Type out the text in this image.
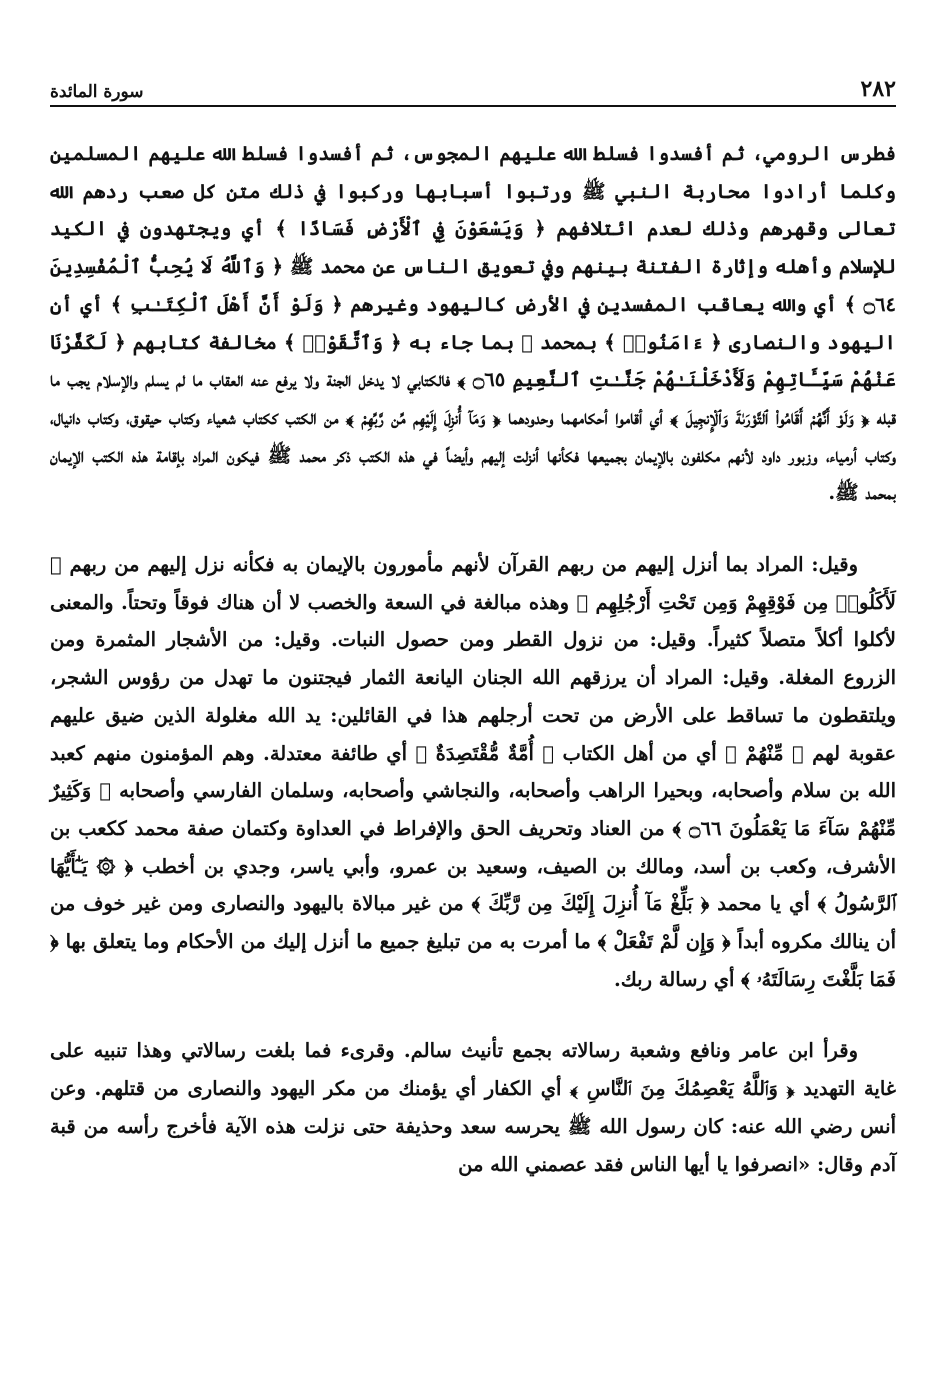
٢٨٢
سورة المائدة

فطرس الرومي، ثم أفسدوا فسلط الله عليهم المجوس، ثم أفسدوا فسلط الله عليهم المسلمين وكلما أرادوا محاربة النبي ﷺ ورتبوا أسبابها وركبوا في ذلك متن كل صعب ردهم الله تعالى وقهرهم وذلك لعدم ائتلافهم ﴿ وَيَسْعَوْنَ فِي ٱلْأَرْضِ فَسَادًا ﴾ أي ويجتهدون في الكيد للإسلام وأهله وإثارة الفتنة بينهم وفي تعويق الناس عن محمد ﷺ ﴿ وَٱللَّهُ لَا يُحِبُّ ٱلْمُفْسِدِينَ ۝٦٤ ﴾ أي والله يعاقب المفسدين في الأرض كاليهود وغيرهم ﴿ وَلَوْ أَنَّ أَهْلَ ٱلْكِتَـٰبِ ﴾ أي أن اليهود والنصارى ﴿ ءَامَنُوا۟ ﴾ بمحمد ﷺ بما جاء به ﴿ وَٱتَّقَوْا۟ ﴾ مخالفة كتابهم ﴿ لَكَفَّرْنَا عَنْهُمْ سَيِّـَٔاتِهِمْ وَلَأَدْخَلْنَـٰهُمْ جَنَّـٰتِ ٱلنَّعِيمِ ۝٦٥ ﴾ فالكتابي لا يدخل الجنة ولا يرفع عنه العقاب ما لم يسلم والإسلام يجب ما قبله ﴿ وَلَوْ أَنَّهُمْ أَقَامُوا۟ ٱلتَّوْرَىٰةَ وَٱلْإِنجِيلَ ﴾ أي أقاموا أحكامهما وحدودهما ﴿ وَمَآ أُنزِلَ إِلَيْهِم مِّن رَّبِّهِمْ ﴾ من الكتب ككتاب شعياء وكتاب حيقوق، وكتاب دانيال، وكتاب أرمياء، وزبور داود لأنهم مكلفون بالإيمان بجميعها فكأنها أنزلت إليهم وأيضاً في هذه الكتب ذكر محمد ﷺ فيكون المراد بإقامة هذه الكتب الإيمان بمحمد ﷺ.

وقيل: المراد بما أنزل إليهم من ربهم القرآن لأنهم مأمورون بالإيمان به فكأنه نزل إليهم من ربهم ﴿ لَأَكَلُوا۟ مِن فَوْقِهِمْ وَمِن تَحْتِ أَرْجُلِهِم ﴾ وهذه مبالغة في السعة والخصب لا أن هناك فوقاً وتحتاً. والمعنى لأكلوا أكلاً متصلاً كثيراً. وقيل: من نزول القطر ومن حصول النبات. وقيل: من الأشجار المثمرة ومن الزروع المغلة. وقيل: المراد أن يرزقهم الله الجنان اليانعة الثمار فيجتنون ما تهدل من رؤوس الشجر، ويلتقطون ما تساقط على الأرض من تحت أرجلهم هذا في القائلين: يد الله مغلولة الذين ضيق عليهم عقوبة لهم ﴿ مِّنْهُمْ ﴾ أي من أهل الكتاب ﴿ أُمَّةٌ مُّقْتَصِدَةٌ ﴾ أي طائفة معتدلة. وهم المؤمنون منهم كعبد الله بن سلام وأصحابه، وبحيرا الراهب وأصحابه، والنجاشي وأصحابه، وسلمان الفارسي وأصحابه ﴿ وَكَثِيرٌ مِّنْهُمْ سَآءَ مَا يَعْمَلُونَ ۝٦٦ ﴾ من العناد وتحريف الحق والإفراط في العداوة وكتمان صفة محمد ككعب بن الأشرف، وكعب بن أسد، ومالك بن الصيف، وسعيد بن عمرو، وأبي ياسر، وجدي بن أخطب ﴿ ۞ يَـٰٓأَيُّهَا ٱلرَّسُولُ ﴾ أي يا محمد ﴿ بَلِّغْ مَآ أُنزِلَ إِلَيْكَ مِن رَّبِّكَ ﴾ من غير مبالاة باليهود والنصارى ومن غير خوف من أن ينالك مكروه أبداً ﴿ وَإِن لَّمْ تَفْعَلْ ﴾ ما أمرت به من تبليغ جميع ما أنزل إليك من الأحكام وما يتعلق بها ﴿ فَمَا بَلَّغْتَ رِسَالَتَهُۥ ﴾ أي رسالة ربك.

وقرأ ابن عامر ونافع وشعبة رسالاته بجمع تأنيث سالم. وقرىء فما بلغت رسالاتي وهذا تنبيه على غاية التهديد ﴿ وَٱللَّهُ يَعْصِمُكَ مِنَ ٱلنَّاسِ ﴾ أي الكفار أي يؤمنك من مكر اليهود والنصارى من قتلهم. وعن أنس رضي الله عنه: كان رسول الله ﷺ يحرسه سعد وحذيفة حتى نزلت هذه الآية فأخرج رأسه من قبة آدم وقال: «انصرفوا يا أيها الناس فقد عصمني الله من
